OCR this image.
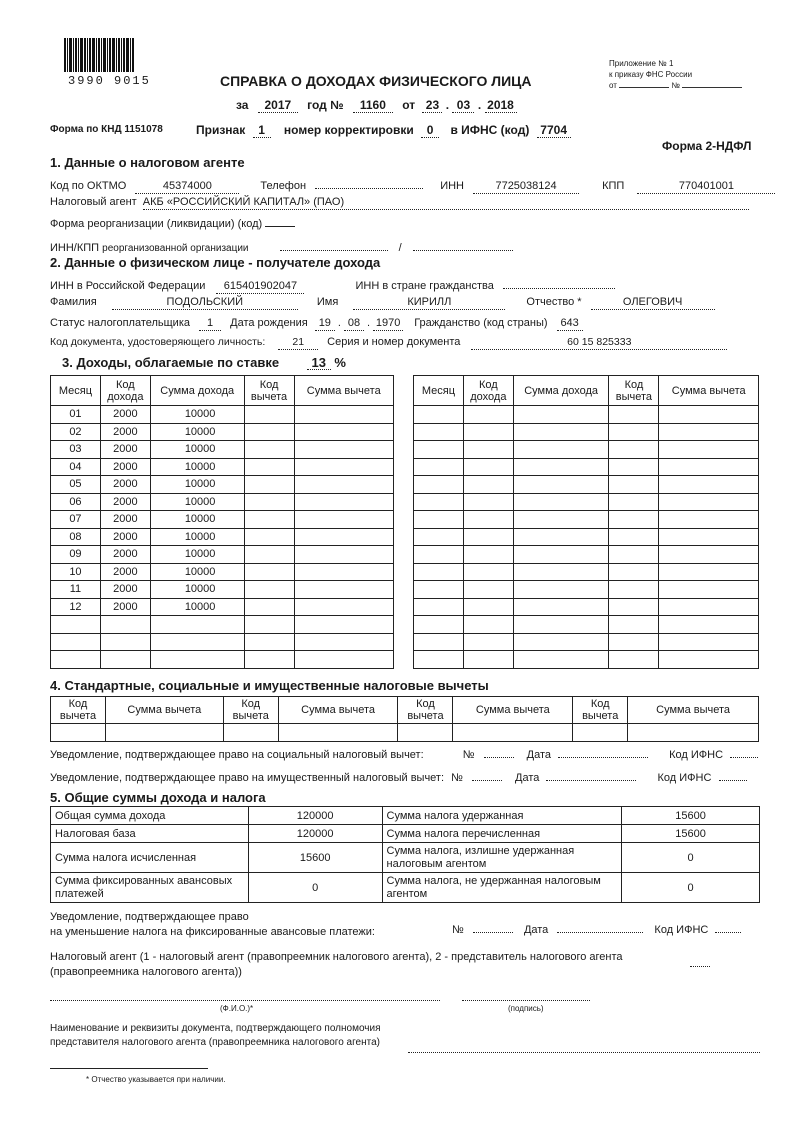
3990 9015
Форма по КНД 1151078
СПРАВКА О ДОХОДАХ ФИЗИЧЕСКОГО ЛИЦА
за 2017 год № 1160 от 23 . 03 . 2018
Признак 1 номер корректировки 0 в ИФНС (код) 7704
Приложение № 1
к приказу ФНС России
от	№
Форма 2-НДФЛ
1. Данные о налоговом агенте
Код по ОКТМО	45374000	Телефон	ИНН	7725038124	КПП	770401001
Налоговый агент АКБ «РОССИЙСКИЙ КАПИТАЛ» (ПАО)
Форма реорганизации (ликвидации) (код)
ИНН/КПП реорганизованной организации	/
2. Данные о физическом лице - получателе дохода
ИНН в Российской Федерации 615401902047	ИНН в стране гражданства
Фамилия	ПОДОЛЬСКИЙ	Имя	КИРИЛЛ	Отчество *	ОЛЕГОВИЧ
Статус налогоплательщика 1 Дата рождения 19 . 08 . 1970 Гражданство (код страны) 643
Код документа, удостоверяющего личность:	21 Серия и номер документа	60 15 825333
3. Доходы, облагаемые по ставке 13 %
Месяц	Код дохода	Сумма дохода	Код вычета	Сумма вычета
01	2000	10000		
02	2000	10000		
03	2000	10000		
04	2000	10000		
05	2000	10000		
06	2000	10000		
07	2000	10000		
08	2000	10000		
09	2000	10000		
10	2000	10000		
11	2000	10000		
12	2000	10000		

Месяц	Код дохода	Сумма дохода	Код вычета	Сумма вычета

4. Стандартные, социальные и имущественные налоговые вычеты
Код вычета	Сумма вычета	Код вычета	Сумма вычета	Код вычета	Сумма вычета	Код вычета	Сумма вычета

Уведомление, подтверждающее право на социальный налоговый вычет:	№	Дата	Код ИФНС
Уведомление, подтверждающее право на имущественный налоговый вычет: №	Дата	Код ИФНС
5. Общие суммы дохода и налога
Общая сумма дохода	120000	Сумма налога удержанная	15600
Налоговая база	120000	Сумма налога перечисленная	15600
Сумма налога исчисленная	15600	Сумма налога, излишне удержанная налоговым агентом	0
Сумма фиксированных авансовых платежей	0	Сумма налога, не удержанная налоговым агентом	0
Уведомление, подтверждающее право
на уменьшение налога на фиксированные авансовые платежи:	№	Дата	Код ИФНС
Налоговый агент (1 - налоговый агент (правопреемник налогового агента), 2 - представитель налогового агента
(правопреемника налогового агента))
(Ф.И.О.)*	(подпись)
Наименование и реквизиты документа, подтверждающего полномочия
представителя налогового агента (правопреемника налогового агента)
* Отчество указывается при наличии.
